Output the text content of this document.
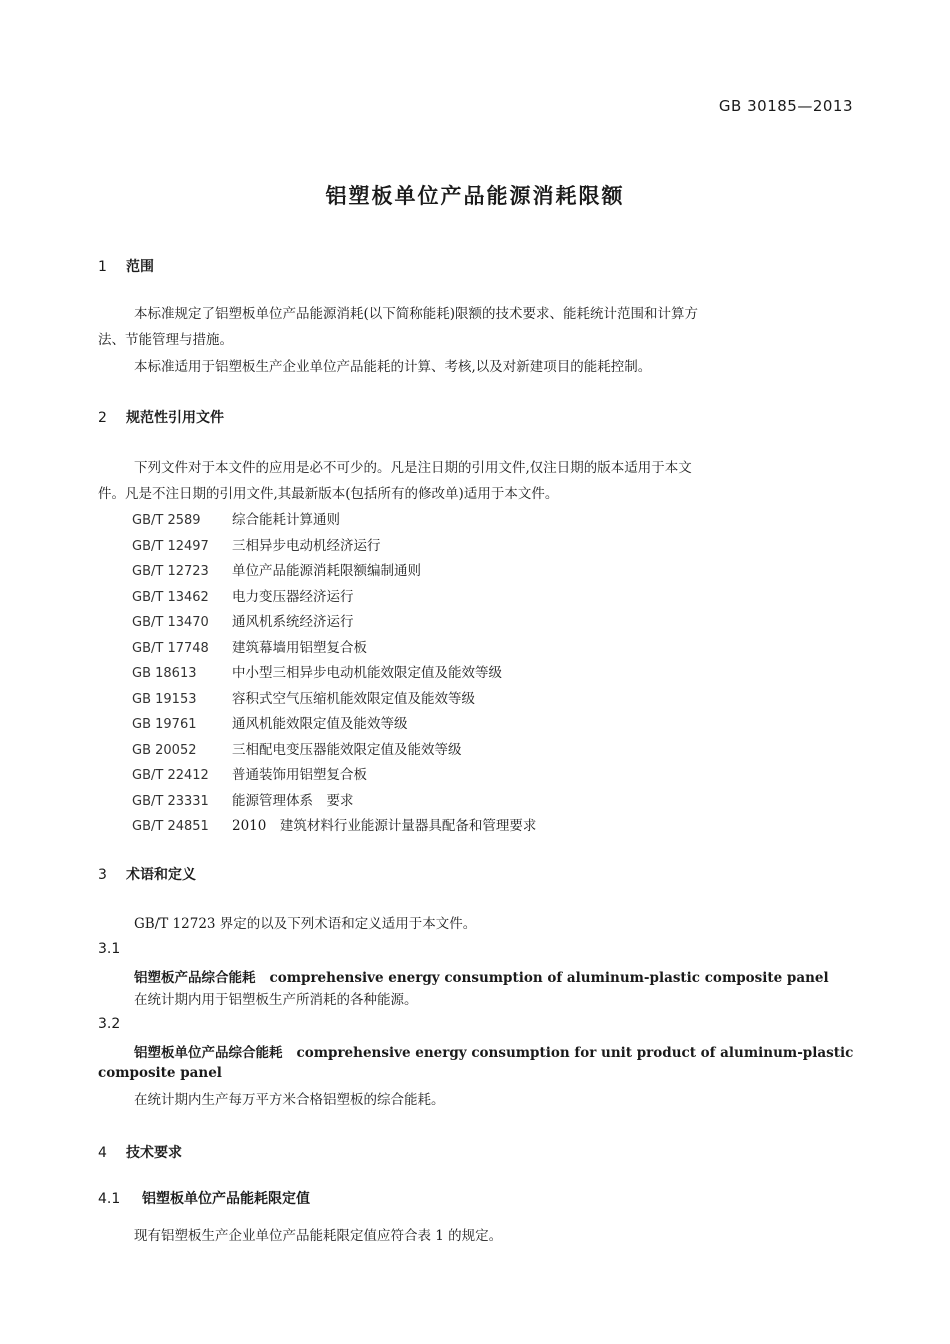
GB 30185—2013
铝塑板单位产品能源消耗限额
1 范围
本标准规定了铝塑板单位产品能源消耗(以下简称能耗)限额的技术要求、能耗统计范围和计算方
法、节能管理与措施。
本标准适用于铝塑板生产企业单位产品能耗的计算、考核,以及对新建项目的能耗控制。
2 规范性引用文件
下列文件对于本文件的应用是必不可少的。凡是注日期的引用文件,仅注日期的版本适用于本文
件。凡是不注日期的引用文件,其最新版本(包括所有的修改单)适用于本文件。
GB/T 2589 综合能耗计算通则
GB/T 12497 三相异步电动机经济运行
GB/T 12723 单位产品能源消耗限额编制通则
GB/T 13462 电力变压器经济运行
GB/T 13470 通风机系统经济运行
GB/T 17748 建筑幕墙用铝塑复合板
GB 18613	中小型三相异步电动机能效限定值及能效等级
GB 19153	容积式空气压缩机能效限定值及能效等级
GB 19761	通风机能效限定值及能效等级
GB 20052	三相配电变压器能效限定值及能效等级
GB/T 22412 普通装饰用铝塑复合板
GB/T 23331 能源管理体系　要求
GB/T 24851 2010　建筑材料行业能源计量器具配备和管理要求
3 术语和定义
GB/T 12723 界定的以及下列术语和定义适用于本文件。
3.1
铝塑板产品综合能耗 comprehensive energy consumption of aluminum-plastic composite panel
在统计期内用于铝塑板生产所消耗的各种能源。
3.2
铝塑板单位产品综合能耗 comprehensive energy consumption for unit product of aluminum-plastic
composite panel
在统计期内生产每万平方米合格铝塑板的综合能耗。
4 技术要求
4.1 铝塑板单位产品能耗限定值
现有铝塑板生产企业单位产品能耗限定值应符合表 1 的规定。
